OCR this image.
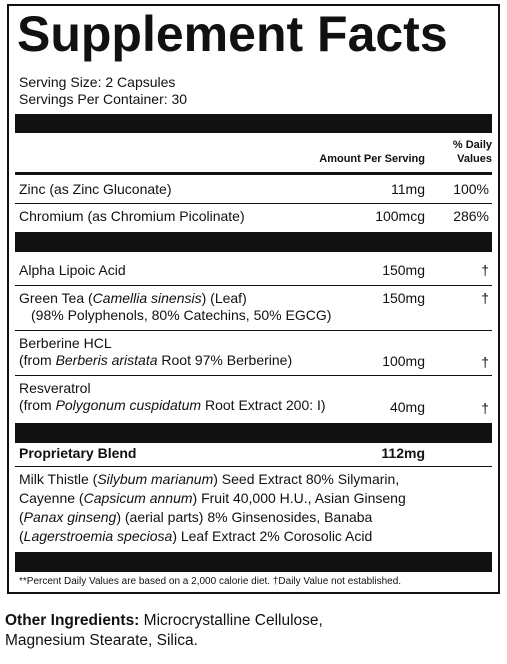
Supplement Facts
Serving Size: 2 Capsules
Servings Per Container: 30
Amount Per Serving
% Daily
Values
Zinc (as Zinc Gluconate)	11mg 100%
Chromium (as Chromium Picolinate)	100mcg 286%
Alpha Lipoic Acid	150mg	†
Green Tea (Camellia sinensis) (Leaf)
(98% Polyphenols, 80% Catechins, 50% EGCG)
150mg	†
Berberine HCL
(from Berberis aristata Root 97% Berberine)	100mg	†
Resveratrol
(from Polygonum cuspidatum Root Extract 200: I)	40mg	†
Proprietary Blend	112mg
Milk Thistle (Silybum marianum) Seed Extract 80% Silymarin,
Cayenne (Capsicum annum) Fruit 40,000 H.U., Asian Ginseng
(Panax ginseng) (aerial parts) 8% Ginsenosides, Banaba
(Lagerstroemia speciosa) Leaf Extract 2% Corosolic Acid
**Percent Daily Values are based on a 2,000 calorie diet. †Daily Value not established.
Other Ingredients: Microcrystalline Cellulose,
Magnesium Stearate, Silica.
